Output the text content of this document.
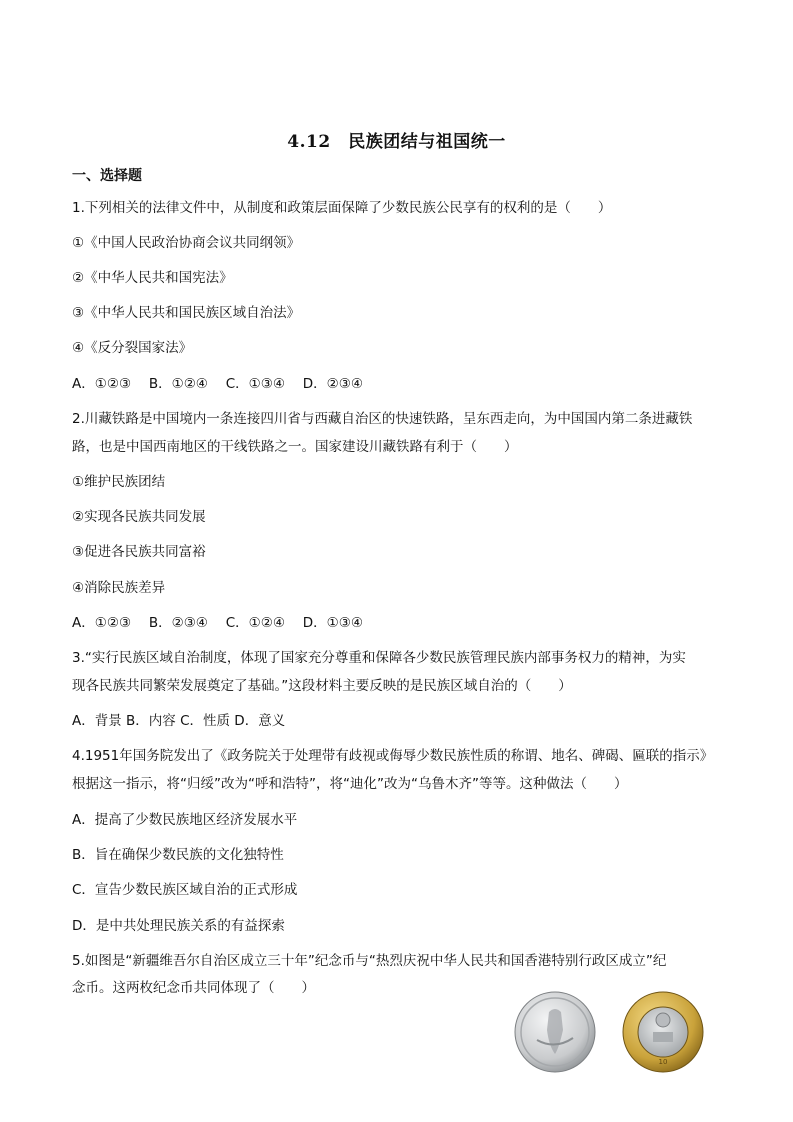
4.12　民族团结与祖国统一
一、选择题
1.下列相关的法律文件中，从制度和政策层面保障了少数民族公民享有的权利的是（　　）
①《中国人民政治协商会议共同纲领》
②《中华人民共和国宪法》
③《中华人民共和国民族区域自治法》
④《反分裂国家法》
A．①②③　 B．①②④　 C．①③④　 D．②③④
2.川藏铁路是中国境内一条连接四川省与西藏自治区的快速铁路，呈东西走向，为中国国内第二条进藏铁
路，也是中国西南地区的干线铁路之一。国家建设川藏铁路有利于（　　）
①维护民族团结
②实现各民族共同发展
③促进各民族共同富裕
④消除民族差异
A．①②③　 B．②③④　 C．①②④　 D．①③④
3.“实行民族区域自治制度，体现了国家充分尊重和保障各少数民族管理民族内部事务权力的精神，为实
现各民族共同繁荣发展奠定了基础。”这段材料主要反映的是民族区域自治的（　　）
A．背景 B．内容 C．性质 D．意义
4.1951年国务院发出了《政务院关于处理带有歧视或侮辱少数民族性质的称谓、地名、碑碣、匾联的指示》
根据这一指示，将“归绥”改为“呼和浩特”，将“迪化”改为“乌鲁木齐”等等。这种做法（　　）
A．提高了少数民族地区经济发展水平
B．旨在确保少数民族的文化独特性
C．宣告少数民族区域自治的正式形成
D．是中共处理民族关系的有益探索
5.如图是“新疆维吾尔自治区成立三十年”纪念币与“热烈庆祝中华人民共和国香港特别行政区成立”纪
念币。这两枚纪念币共同体现了（　　）
10
